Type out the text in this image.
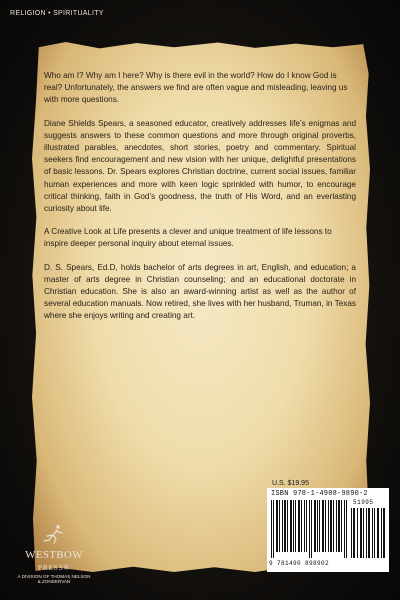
RELIGION • SPIRITUALITY

Who am I? Why am I here? Why is there evil in the world? How do I know God is real? Unfortunately, the answers we find are often vague and misleading, leaving us with more questions.

Diane Shields Spears, a seasoned educator, creatively addresses life’s enigmas and suggests answers to these common questions and more through original proverbs, illustrated parables, anecdotes, short stories, poetry and commentary. Spiritual seekers find encouragement and new vision with her unique, delightful presentations of basic lessons. Dr. Spears explores Christian doctrine, current social issues, familiar human experiences and more with keen logic sprinkled with humor, to encourage critical thinking, faith in God’s goodness, the truth of His Word, and an everlasting curiosity about life.

A Creative Look at Life presents a clever and unique treatment of life lessons to inspire deeper personal inquiry about eternal issues.

D. S. Spears, Ed.D, holds bachelor of arts degrees in art, English, and education; a master of arts degree in Christian counseling; and an educational doctorate in Christian education. She is also an award-winning artist as well as the author of several education manuals. Now retired, she lives with her husband, Truman, in Texas where she enjoys writing and creating art.

U.S. $19.95
ISBN 978-1-4908-9890-2
51995
9 781490 898902
WESTBOW
PRESS®
A DIVISION OF THOMAS NELSON
& ZONDERVAN
